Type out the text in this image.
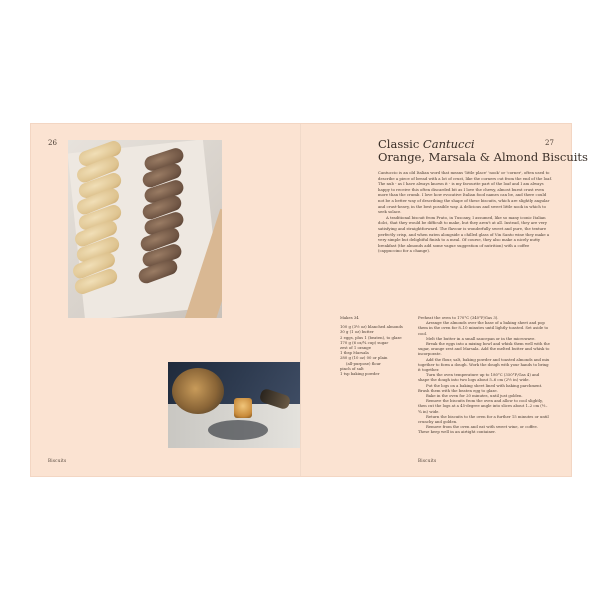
26
Biscuits
27
Classic Cantucci
Orange, Marsala & Almond Biscuits

Cantuccio is an old Italian word that means 'little place' 'nook' or 'corner', often used to describe a piece of bread with a lot of crust, like the corners cut from the end of the loaf. The nub - as I have always known it - is my favourite part of the loaf and I am always happy to receive this often discarded bit as I love the chewy, almost burnt crust even more than the crumb. I love how evocative Italian food names can be, and there could not be a better way of describing the shape of these biscuits, which are slightly angular and crust-heavy, in the best possible way. A delicious and sweet little nook in which to seek solace.

A traditional biscuit from Prato, in Tuscany, I assumed, like so many iconic Italian dolci, that they would be difficult to make, but they aren't at all. Instead, they are very satisfying and straightforward. The flavour is wonderfully sweet and pure, the texture perfectly crisp, and when eaten alongside a chilled glass of Vin Santo wine they make a very simple but delightful finish to a meal. Of course, they also make a nicely nutty breakfast (the almonds add some vague suggestion of nutrition) with a coffee (cappuccino for a change).

Makes 34
100 g (3½ oz) blanched almonds
30 g (1 oz) butter
2 eggs, plus 1 (beaten), to glaze
170 g (6 oz/¾ cup) sugar
zest of 1 orange
1 tbsp Marsala
280 g (10 oz) 00 or plain
(all-purpose) flour
pinch of salt
1 tsp baking powder

Preheat the oven to 170°C (340°F/Gas 3).

Arrange the almonds over the base of a baking sheet and pop them in the oven for 8–10 minutes until lightly toasted. Set aside to cool.

Melt the butter in a small saucepan or in the microwave.

Break the eggs into a mixing bowl and whisk them well with the sugar, orange zest and Marsala. Add the melted butter and whisk to incorporate.

Add the flour, salt, baking powder and toasted almonds and mix together to form a dough. Work the dough with your hands to bring it together.

Turn the oven temperature up to 180°C (350°F/Gas 4) and shape the dough into two logs about 5–6 cm (2½ in) wide.

Put the logs on a baking sheet lined with baking parchment. Brush them with the beaten egg to glaze.

Bake in the oven for 20 minutes, until just golden.

Remove the biscuits from the oven and allow to cool slightly, then cut the logs at a 45-degree angle into slices about 1–2 cm (½–¾ in) wide.

Return the biscuits to the oven for a further 15 minutes or until crunchy and golden.

Remove from the oven and eat with sweet wine, or coffee. These keep well in an airtight container.

Biscuits
